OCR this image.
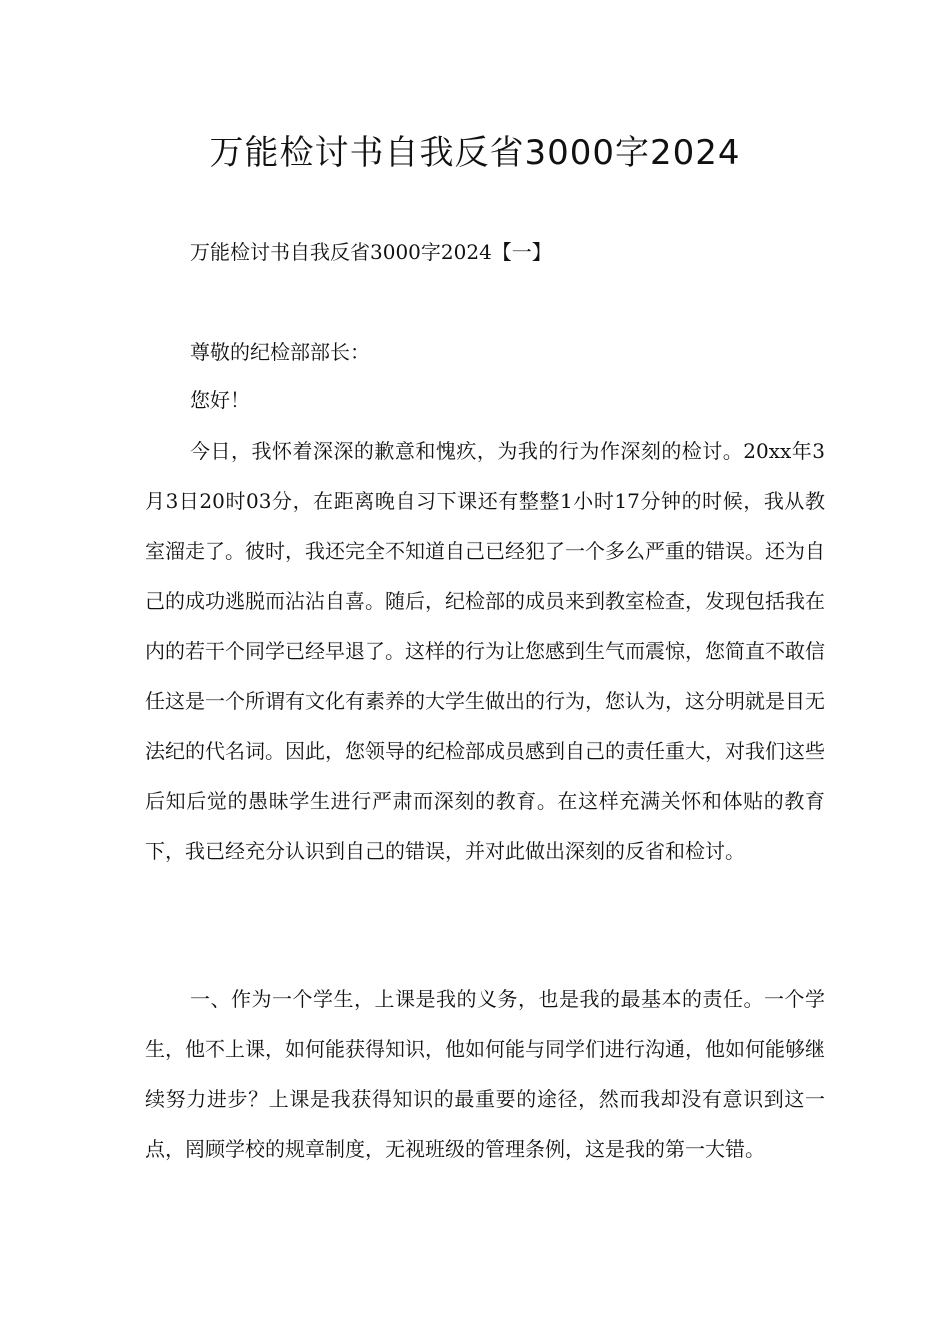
万能检讨书自我反省3000字2024
万能检讨书自我反省3000字2024【一】
尊敬的纪检部部长：
您好！

今日，我怀着深深的歉意和愧疚，为我的行为作深刻的检讨。20xx年3月3日20时03分，在距离晚自习下课还有整整1小时17分钟的时候，我从教室溜走了。彼时，我还完全不知道自己已经犯了一个多么严重的错误。还为自己的成功逃脱而沾沾自喜。随后，纪检部的成员来到教室检查，发现包括我在内的若干个同学已经早退了。这样的行为让您感到生气而震惊，您简直不敢信任这是一个所谓有文化有素养的大学生做出的行为，您认为，这分明就是目无法纪的代名词。因此，您领导的纪检部成员感到自己的责任重大，对我们这些后知后觉的愚昧学生进行严肃而深刻的教育。在这样充满关怀和体贴的教育下，我已经充分认识到自己的错误，并对此做出深刻的反省和检讨。

一、作为一个学生，上课是我的义务，也是我的最基本的责任。一个学生，他不上课，如何能获得知识，他如何能与同学们进行沟通，他如何能够继续努力进步？上课是我获得知识的最重要的途径，然而我却没有意识到这一点，罔顾学校的规章制度，无视班级的管理条例，这是我的第一大错。
